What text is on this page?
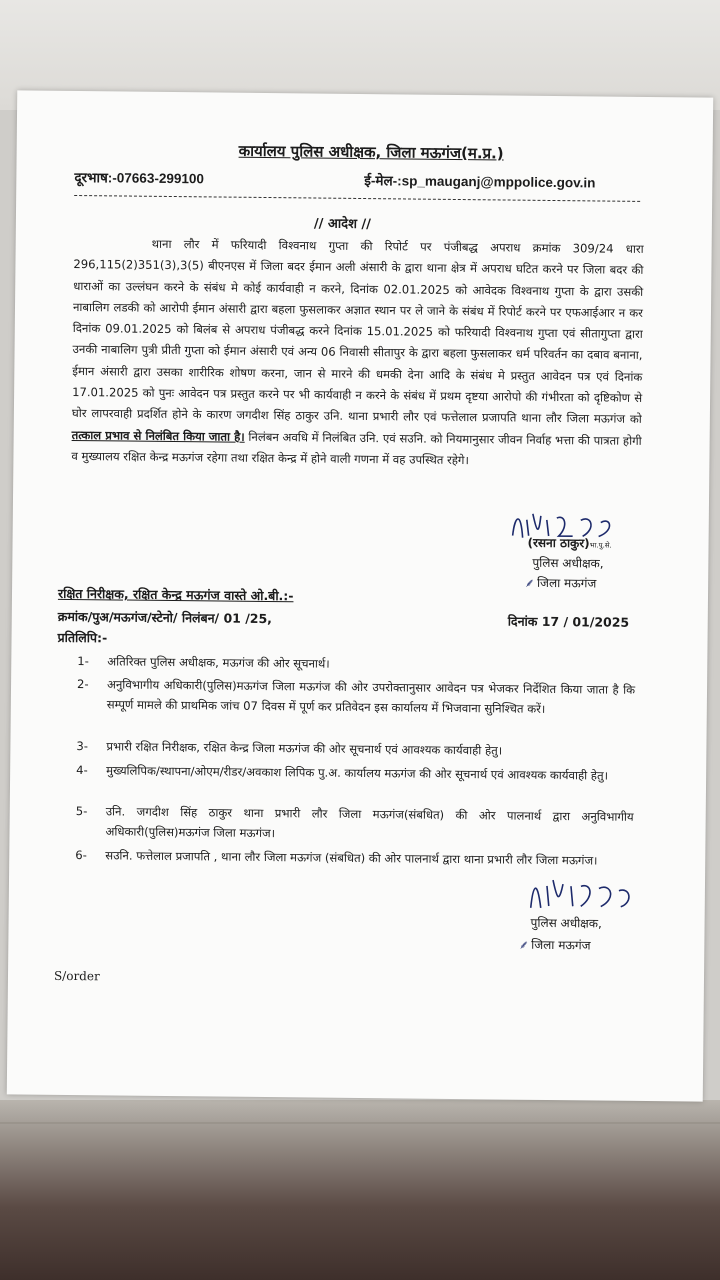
कार्यालय पुलिस अधीक्षक, जिला मऊगंज(म.प्र.)
दूरभाष:-07663-299100	ई-मेल-:sp_mauganj@mppolice.gov.in
// आदेश //
थाना लौर में फरियादी विश्वनाथ गुप्ता की रिपोर्ट पर पंजीबद्ध अपराध क्रमांक 309/24 धारा 296,115(2)351(3),3(5) बीएनएस में जिला बदर ईमान अली अंसारी के द्वारा थाना क्षेत्र में अपराध घटित करने पर जिला बदर की धाराओं का उल्लंघन करने के संबंध मे कोई कार्यवाही न करने, दिनांक 02.01.2025 को आवेदक विश्वनाथ गुप्ता के द्वारा उसकी नाबालिग लडकी को आरोपी ईमान अंसारी द्वारा बहला फुसलाकर अज्ञात स्थान पर ले जाने के संबंध में रिपोर्ट करने पर एफआईआर न कर दिनांक 09.01.2025 को बिलंब से अपराध पंजीबद्ध करने दिनांक 15.01.2025 को फरियादी विश्वनाथ गुप्ता एवं सीतागुप्ता द्वारा उनकी नाबालिग पुत्री प्रीती गुप्ता को ईमान अंसारी एवं अन्य 06 निवासी सीतापुर के द्वारा बहला फुसलाकर धर्म परिवर्तन का दबाव बनाना, ईमान अंसारी द्वारा उसका शारीरिक शोषण करना, जान से मारने की धमकी देना आदि के संबंध मे प्रस्तुत आवेदन पत्र एवं दिनांक 17.01.2025 को पुनः आवेदन पत्र प्रस्तुत करने पर भी कार्यवाही न करने के संबंध में प्रथम दृष्टया आरोपो की गंभीरता को दृष्टिकोण से घोर लापरवाही प्रदर्शित होने के कारण जगदीश सिंह ठाकुर उनि. थाना प्रभारी लौर एवं फत्तेलाल प्रजापति थाना लौर जिला मऊगंज को तत्काल प्रभाव से निलंबित किया जाता है। निलंबन अवधि में निलंबित उनि. एवं सउनि. को नियमानुसार जीवन निर्वाह भत्ता की पात्रता होगी व मुख्यालय रक्षित केन्द्र मऊगंज रहेगा तथा रक्षित केन्द्र में होने वाली गणना में वह उपस्थित रहेगे।
(रसना ठाकुर)भा.पु.से.
पुलिस अधीक्षक,
⸙ जिला मऊगंज
रक्षित निरीक्षक, रक्षित केन्द्र मऊगंज वास्ते ओ.बी.:-
क्रमांक/पुअ/मऊगंज/स्टेनो/ निलंबन/ 01 /25,	दिनांक 17 / 01/2025
प्रतिलिपि:-
1- अतिरिक्त पुलिस अधीक्षक, मऊगंज की ओर सूचनार्थ।
2- अनुविभागीय अधिकारी(पुलिस)मऊगंज जिला मऊगंज की ओर उपरोक्तानुसार आवेदन पत्र भेजकर निर्देशित किया जाता है कि सम्पूर्ण मामले की प्राथमिक जांच 07 दिवस में पूर्ण कर प्रतिवेदन इस कार्यालय में भिजवाना सुनिश्चित करें।
3- प्रभारी रक्षित निरीक्षक, रक्षित केन्द्र जिला मऊगंज की ओर सूचनार्थ एवं आवश्यक कार्यवाही हेतु।
4- मुख्यलिपिक/स्थापना/ओएम/रीडर/अवकाश लिपिक पु.अ. कार्यालय मऊगंज की ओर सूचनार्थ एवं आवश्यक कार्यवाही हेतु।
5- उनि. जगदीश सिंह ठाकुर थाना प्रभारी लौर जिला मऊगंज(संबधित) की ओर पालनार्थ द्वारा अनुविभागीय अधिकारी(पुलिस)मऊगंज जिला मऊगंज।
6- सउनि. फत्तेलाल प्रजापति , थाना लौर जिला मऊगंज (संबधित) की ओर पालनार्थ द्वारा थाना प्रभारी लौर जिला मऊगंज।
पुलिस अधीक्षक,
⸙ जिला मऊगंज
S/order
